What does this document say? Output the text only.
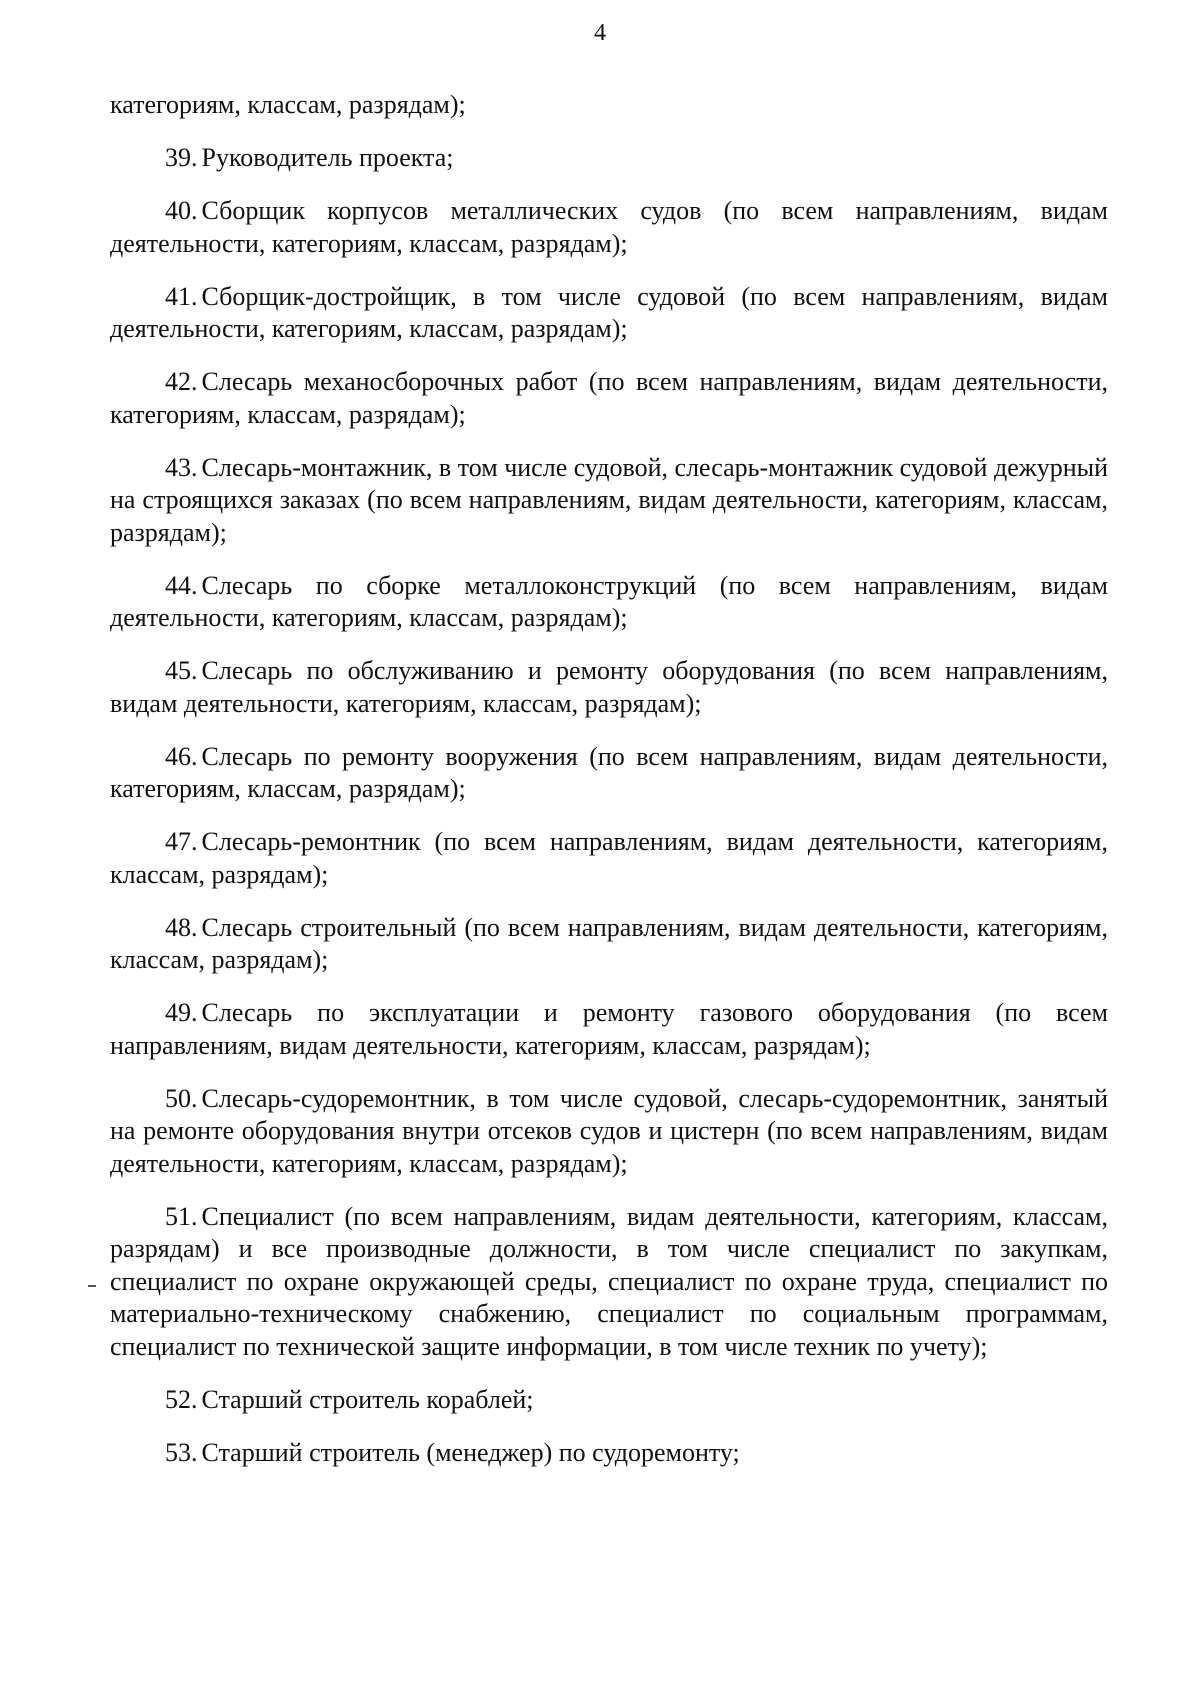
4

категориям, классам, разрядам);

39. Руководитель проекта;

40. Сборщик корпусов металлических судов (по всем направлениям, видам деятельности, категориям, классам, разрядам);

41. Сборщик-достройщик, в том числе судовой (по всем направлениям, видам деятельности, категориям, классам, разрядам);

42. Слесарь механосборочных работ (по всем направлениям, видам деятельности, категориям, классам, разрядам);

43. Слесарь-монтажник, в том числе судовой, слесарь-монтажник судовой дежурный на строящихся заказах (по всем направлениям, видам деятельности, категориям, классам, разрядам);

44. Слесарь по сборке металлоконструкций (по всем направлениям, видам деятельности, категориям, классам, разрядам);

45. Слесарь по обслуживанию и ремонту оборудования (по всем направлениям, видам деятельности, категориям, классам, разрядам);

46. Слесарь по ремонту вооружения (по всем направлениям, видам деятельности, категориям, классам, разрядам);

47. Слесарь-ремонтник (по всем направлениям, видам деятельности, категориям, классам, разрядам);

48. Слесарь строительный (по всем направлениям, видам деятельности, категориям, классам, разрядам);

49. Слесарь по эксплуатации и ремонту газового оборудования (по всем направлениям, видам деятельности, категориям, классам, разрядам);

50. Слесарь-судоремонтник, в том числе судовой, слесарь-судоремонтник, занятый на ремонте оборудования внутри отсеков судов и цистерн (по всем направлениям, видам деятельности, категориям, классам, разрядам);

51. Специалист (по всем направлениям, видам деятельности, категориям, классам, разрядам) и все производные должности, в том числе специалист по закупкам, специалист по охране окружающей среды, специалист по охране труда, специалист по материально-техническому снабжению, специалист по социальным программам, специалист по технической защите информации, в том числе техник по учету);

52. Старший строитель кораблей;

53. Старший строитель (менеджер) по судоремонту;
